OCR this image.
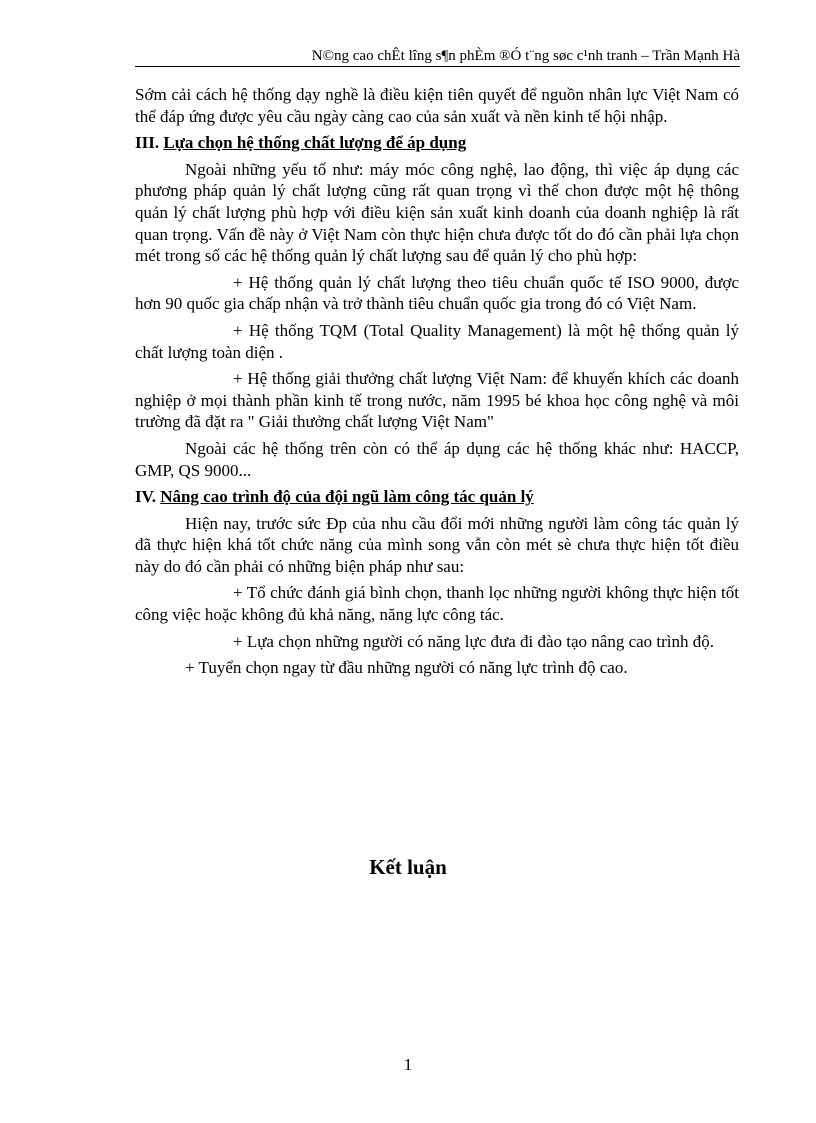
N©ng cao chÊt lîng s¶n phÈm ®Ó t¨ng søc c¹nh tranh – Trần Mạnh Hà

Sớm cải cách hệ thống dạy nghề là điều kiện tiên quyết để nguồn nhân lực Việt Nam có thể đáp ứng được yêu cầu ngày càng cao của sản xuất và nền kinh tế hội nhập.

III. Lựa chọn hệ thống chất lượng để áp dụng

Ngoài những yếu tố như: máy móc công nghệ, lao động, thì việc áp dụng các phương pháp quản lý chất lượng cũng rất quan trọng vì thế chon được một hệ thông quản lý chất lượng phù hợp với điều kiện sản xuất kinh doanh của doanh nghiệp là rất quan trọng. Vấn đề này ở Việt Nam còn thực hiện chưa được tốt do đó cần phải lựa chọn mét trong số các hệ thống quản lý chất lượng sau để quản lý cho phù hợp:

+ Hệ thống quản lý chất lượng theo tiêu chuẩn quốc tế ISO 9000, được hơn 90 quốc gia chấp nhận và trở thành tiêu chuẩn quốc gia trong đó có Việt Nam.

+ Hệ thống TQM (Total Quality Management) là một hệ thống quản lý chất lượng toàn diện .

+ Hệ thống giải thưởng chất lượng Việt Nam: để khuyến khích các doanh nghiệp ở mọi thành phần kinh tế trong nước, năm 1995 bé khoa học công nghệ và môi trường đã đặt ra " Giải thưởng chất lượng Việt Nam"

Ngoài các hệ thống trên còn có thể áp dụng các hệ thống khác như: HACCP, GMP, QS 9000...

IV. Nâng cao trình độ của đội ngũ làm công tác quản lý

Hiện nay, trước sức Ðp của nhu cầu đổi mới những người làm công tác quản lý đã thực hiện khá tốt chức năng của mình song vẫn còn mét sè chưa thực hiện tốt điều này do đó cần phải có những biện pháp như sau:

+ Tổ chức đánh giá bình chọn, thanh lọc những người không thực hiện tốt công việc hoặc không đủ khả năng, năng lực công tác.

+ Lựa chọn những người có năng lực đưa đi đào tạo nâng cao trình độ.

+ Tuyển chọn ngay từ đầu những người có năng lực trình độ cao.

Kết luận
1
